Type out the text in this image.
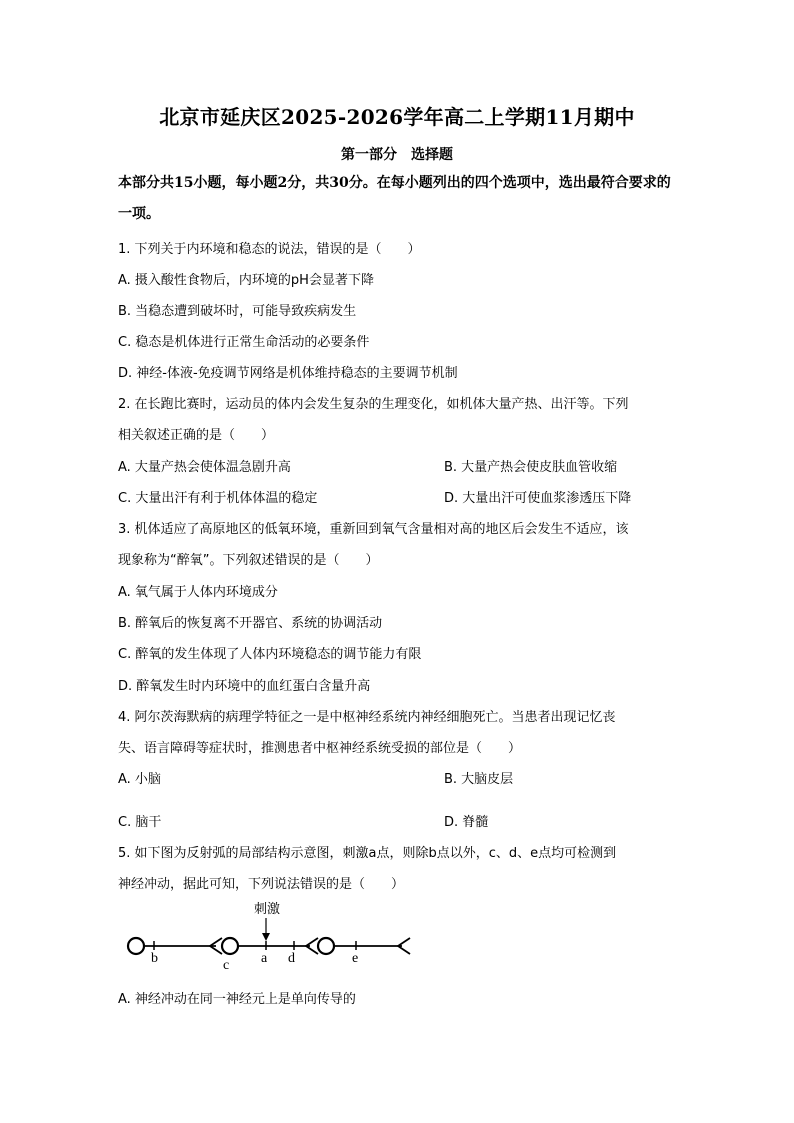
北京市延庆区2025-2026学年高二上学期11月期中
第一部分　选择题
本部分共15小题，每小题2分，共30分。在每小题列出的四个选项中，选出最符合要求的一项。
1. 下列关于内环境和稳态的说法，错误的是（　　）
A. 摄入酸性食物后，内环境的pH会显著下降
B. 当稳态遭到破坏时，可能导致疾病发生
C. 稳态是机体进行正常生命活动的必要条件
D. 神经-体液-免疫调节网络是机体维持稳态的主要调节机制
2. 在长跑比赛时，运动员的体内会发生复杂的生理变化，如机体大量产热、出汗等。下列
相关叙述正确的是（　　）
A. 大量产热会使体温急剧升高	B. 大量产热会使皮肤血管收缩
C. 大量出汗有利于机体体温的稳定	D. 大量出汗可使血浆渗透压下降
3. 机体适应了高原地区的低氧环境，重新回到氧气含量相对高的地区后会发生不适应，该
现象称为“醉氧”。下列叙述错误的是（　　）
A. 氧气属于人体内环境成分
B. 醉氧后的恢复离不开器官、系统的协调活动
C. 醉氧的发生体现了人体内环境稳态的调节能力有限
D. 醉氧发生时内环境中的血红蛋白含量升高
4. 阿尔茨海默病的病理学特征之一是中枢神经系统内神经细胞死亡。当患者出现记忆丧
失、语言障碍等症状时，推测患者中枢神经系统受损的部位是（　　）
A. 小脑	B. 大脑皮层
C. 脑干	D. 脊髓
5. 如下图为反射弧的局部结构示意图，刺激a点，则除b点以外，c、d、e点均可检测到
神经冲动，据此可知，下列说法错误的是（　　）
刺激
b	c a d	e
A. 神经冲动在同一神经元上是单向传导的
